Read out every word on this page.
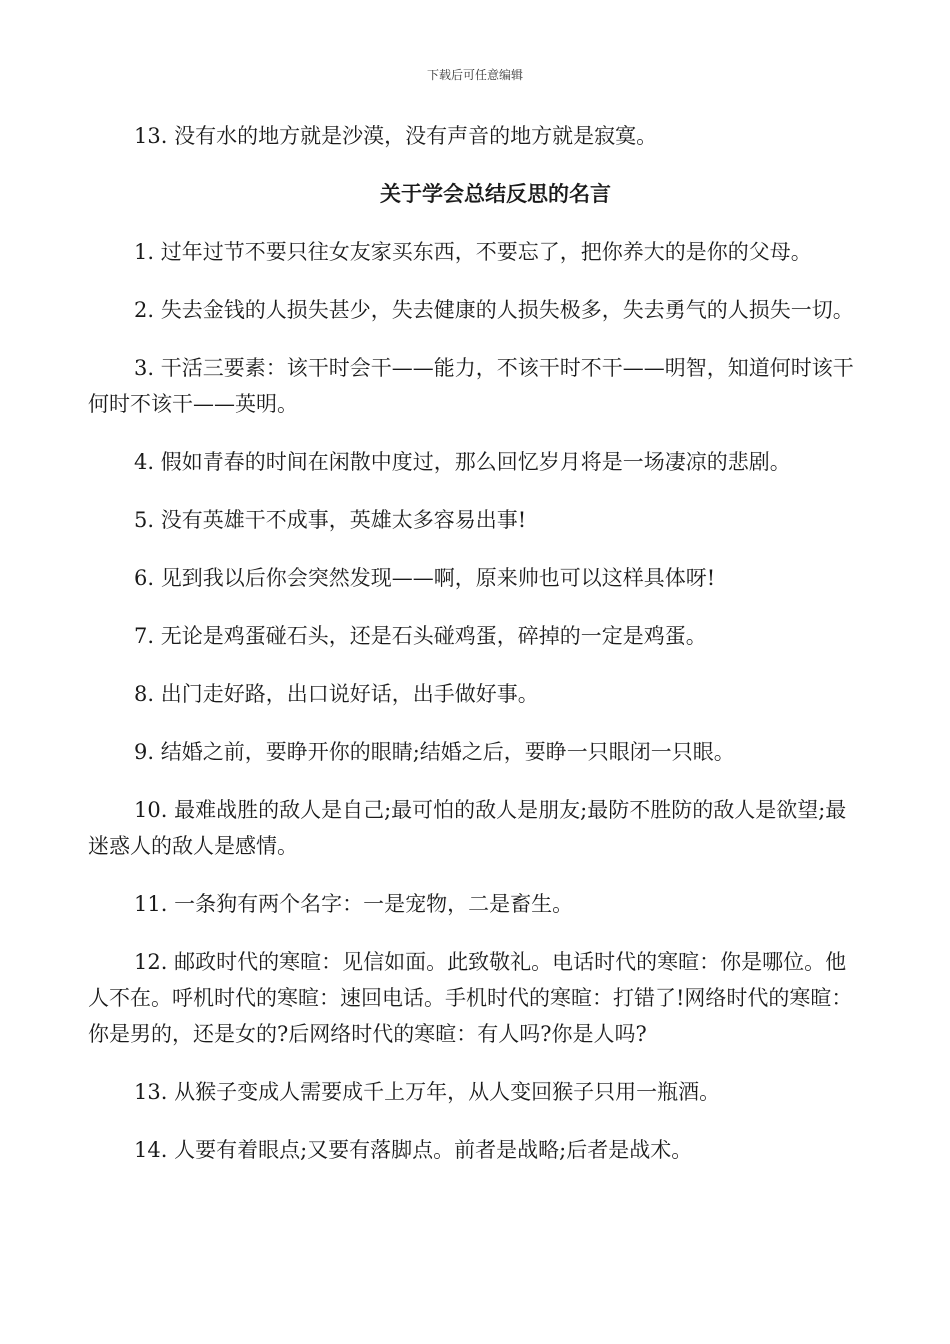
下载后可任意编辑

13. 没有水的地方就是沙漠，没有声音的地方就是寂寞。

关于学会总结反思的名言

1. 过年过节不要只往女友家买东西，不要忘了，把你养大的是你的父母。

2. 失去金钱的人损失甚少，失去健康的人损失极多，失去勇气的人损失一切。

3. 干活三要素：该干时会干——能力，不该干时不干——明智，知道何时该干何时不该干——英明。

4. 假如青春的时间在闲散中度过，那么回忆岁月将是一场凄凉的悲剧。

5. 没有英雄干不成事，英雄太多容易出事!

6. 见到我以后你会突然发现——啊，原来帅也可以这样具体呀!

7. 无论是鸡蛋碰石头，还是石头碰鸡蛋，碎掉的一定是鸡蛋。

8. 出门走好路，出口说好话，出手做好事。

9. 结婚之前，要睁开你的眼睛;结婚之后，要睁一只眼闭一只眼。

10. 最难战胜的敌人是自己;最可怕的敌人是朋友;最防不胜防的敌人是欲望;最迷惑人的敌人是感情。

11. 一条狗有两个名字：一是宠物，二是畜生。

12. 邮政时代的寒暄：见信如面。此致敬礼。电话时代的寒暄：你是哪位。他人不在。呼机时代的寒暄：速回电话。手机时代的寒暄：打错了!网络时代的寒暄：你是男的，还是女的?后网络时代的寒暄：有人吗?你是人吗?

13. 从猴子变成人需要成千上万年，从人变回猴子只用一瓶酒。

14. 人要有着眼点;又要有落脚点。前者是战略;后者是战术。
